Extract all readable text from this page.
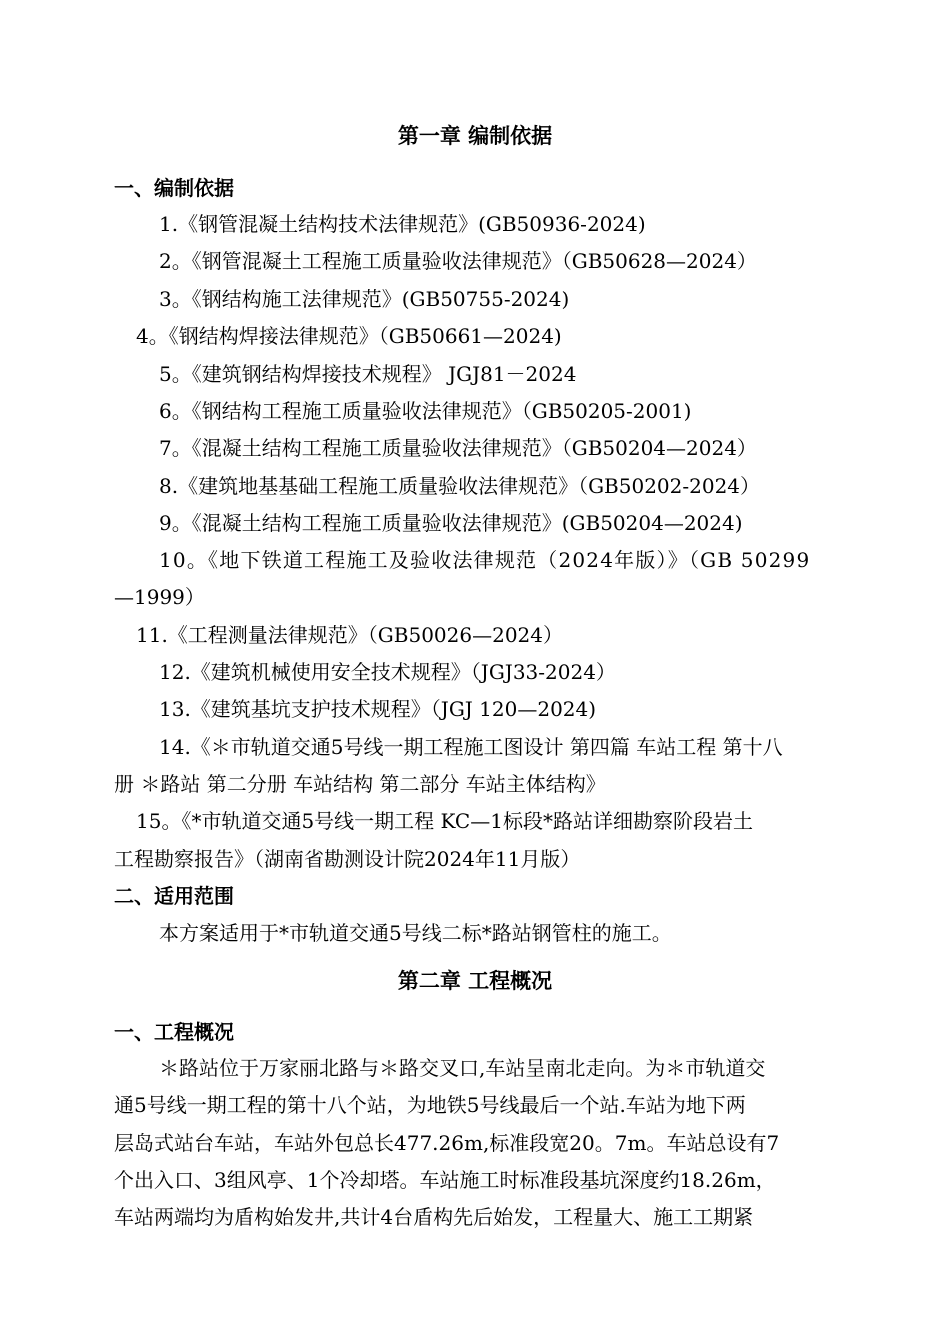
第一章 编制依据
一、编制依据
1.《钢管混凝土结构技术法律规范》(GB50936-2024)
2。《钢管混凝土工程施工质量验收法律规范》（GB50628—2024）
3。《钢结构施工法律规范》(GB50755-2024)
4。《钢结构焊接法律规范》（GB50661—2024)
5。《建筑钢结构焊接技术规程》 JGJ81－2024
6。《钢结构工程施工质量验收法律规范》（GB50205-2001)
7。《混凝土结构工程施工质量验收法律规范》（GB50204—2024）
8.《建筑地基基础工程施工质量验收法律规范》（GB50202-2024）
9。《混凝土结构工程施工质量验收法律规范》(GB50204—2024)
10。《地下铁道工程施工及验收法律规范（2024年版）》（GB 50299
—1999）
11.《工程测量法律规范》（GB50026—2024）
12.《建筑机械使用安全技术规程》（JGJ33-2024）
13.《建筑基坑支护技术规程》（JGJ 120—2024)
14.《＊市轨道交通5号线一期工程施工图设计 第四篇 车站工程 第十八
册 ＊路站 第二分册 车站结构 第二部分 车站主体结构》
15。《*市轨道交通5号线一期工程 KC—1标段*路站详细勘察阶段岩土
工程勘察报告》（湖南省勘测设计院2024年11月版）
二、适用范围
本方案适用于*市轨道交通5号线二标*路站钢管柱的施工。
第二章 工程概况
一、工程概况
＊路站位于万家丽北路与＊路交叉口,车站呈南北走向。为＊市轨道交
通5号线一期工程的第十八个站，为地铁5号线最后一个站.车站为地下两
层岛式站台车站，车站外包总长477.26m,标准段宽20。7m。车站总设有7
个出入口、3组风亭、1个冷却塔。车站施工时标准段基坑深度约18.26m，
车站两端均为盾构始发井,共计4台盾构先后始发，工程量大、施工工期紧
